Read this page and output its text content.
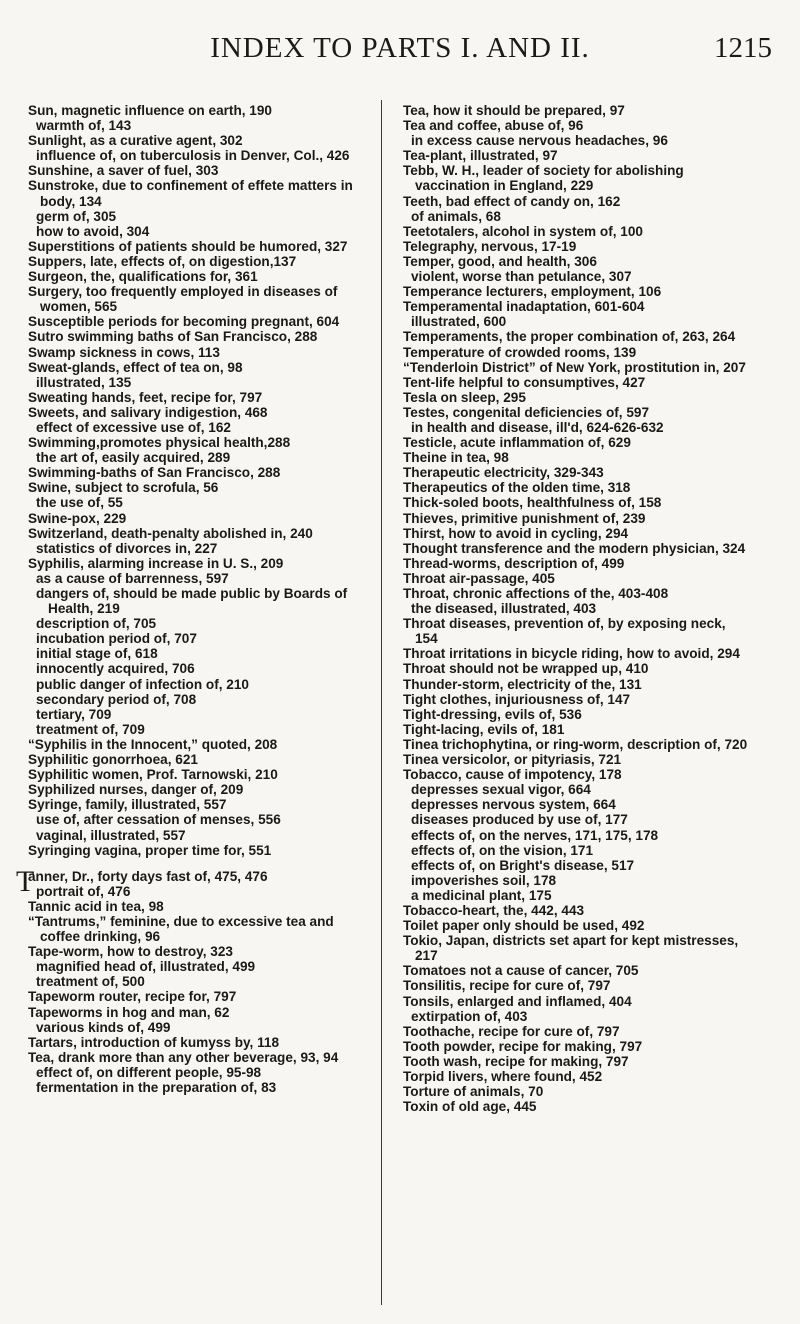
INDEX TO PARTS I. AND II.	1215

Sun, magnetic influence on earth, 190

warmth of, 143

Sunlight, as a curative agent, 302

influence of, on tuberculosis in Denver, Col., 426

Sunshine, a saver of fuel, 303

Sunstroke, due to confinement of effete matters in body, 134

germ of, 305

how to avoid, 304

Superstitions of patients should be humored, 327

Suppers, late, effects of, on digestion,137

Surgeon, the, qualifications for, 361

Surgery, too frequently employed in diseases of women, 565

Susceptible periods for becoming pregnant, 604

Sutro swimming baths of San Francisco, 288

Swamp sickness in cows, 113

Sweat-glands, effect of tea on, 98

illustrated, 135

Sweating hands, feet, recipe for, 797

Sweets, and salivary indigestion, 468

effect of excessive use of, 162

Swimming,promotes physical health,288

the art of, easily acquired, 289

Swimming-baths of San Francisco, 288

Swine, subject to scrofula, 56

the use of, 55

Swine-pox, 229

Switzerland, death-penalty abolished in, 240

statistics of divorces in, 227

Syphilis, alarming increase in U. S., 209

as a cause of barrenness, 597

dangers of, should be made public by Boards of Health, 219

description of, 705

incubation period of, 707

initial stage of, 618

innocently acquired, 706

public danger of infection of, 210

secondary period of, 708

tertiary, 709

treatment of, 709

“Syphilis in the Innocent,” quoted, 208

Syphilitic gonorrhoea, 621

Syphilitic women, Prof. Tarnowski, 210

Syphilized nurses, danger of, 209

Syringe, family, illustrated, 557

use of, after cessation of menses, 556

vaginal, illustrated, 557

Syringing vagina, proper time for, 551

T
anner, Dr., forty days fast of, 475, 476

portrait of, 476

Tannic acid in tea, 98

“Tantrums,” feminine, due to excessive tea and coffee drinking, 96

Tape-worm, how to destroy, 323

magnified head of, illustrated, 499

treatment of, 500

Tapeworm router, recipe for, 797

Tapeworms in hog and man, 62

various kinds of, 499

Tartars, introduction of kumyss by, 118

Tea, drank more than any other beverage, 93, 94

effect of, on different people, 95-98

fermentation in the preparation of, 83

Tea, how it should be prepared, 97

Tea and coffee, abuse of, 96

in excess cause nervous headaches, 96

Tea-plant, illustrated, 97

Tebb, W. H., leader of society for abolishing vaccination in England, 229

Teeth, bad effect of candy on, 162

of animals, 68

Teetotalers, alcohol in system of, 100

Telegraphy, nervous, 17-19

Temper, good, and health, 306

violent, worse than petulance, 307

Temperance lecturers, employment, 106

Temperamental inadaptation, 601-604

illustrated, 600

Temperaments, the proper combination of, 263, 264

Temperature of crowded rooms, 139

“Tenderloin District” of New York, prostitution in, 207

Tent-life helpful to consumptives, 427

Tesla on sleep, 295

Testes, congenital deficiencies of, 597

in health and disease, ill'd, 624-626-632

Testicle, acute inflammation of, 629

Theine in tea, 98

Therapeutic electricity, 329-343

Therapeutics of the olden time, 318

Thick-soled boots, healthfulness of, 158

Thieves, primitive punishment of, 239

Thirst, how to avoid in cycling, 294

Thought transference and the modern physician, 324

Thread-worms, description of, 499

Throat air-passage, 405

Throat, chronic affections of the, 403-408

the diseased, illustrated, 403

Throat diseases, prevention of, by exposing neck, 154

Throat irritations in bicycle riding, how to avoid, 294

Throat should not be wrapped up, 410

Thunder-storm, electricity of the, 131

Tight clothes, injuriousness of, 147

Tight-dressing, evils of, 536

Tight-lacing, evils of, 181

Tinea trichophytina, or ring-worm, description of, 720

Tinea versicolor, or pityriasis, 721

Tobacco, cause of impotency, 178

depresses sexual vigor, 664

depresses nervous system, 664

diseases produced by use of, 177

effects of, on the nerves, 171, 175, 178

effects of, on the vision, 171

effects of, on Bright's disease, 517

impoverishes soil, 178

a medicinal plant, 175

Tobacco-heart, the, 442, 443

Toilet paper only should be used, 492

Tokio, Japan, districts set apart for kept mistresses, 217

Tomatoes not a cause of cancer, 705

Tonsilitis, recipe for cure of, 797

Tonsils, enlarged and inflamed, 404

extirpation of, 403

Toothache, recipe for cure of, 797

Tooth powder, recipe for making, 797

Tooth wash, recipe for making, 797

Torpid livers, where found, 452

Torture of animals, 70

Toxin of old age, 445
